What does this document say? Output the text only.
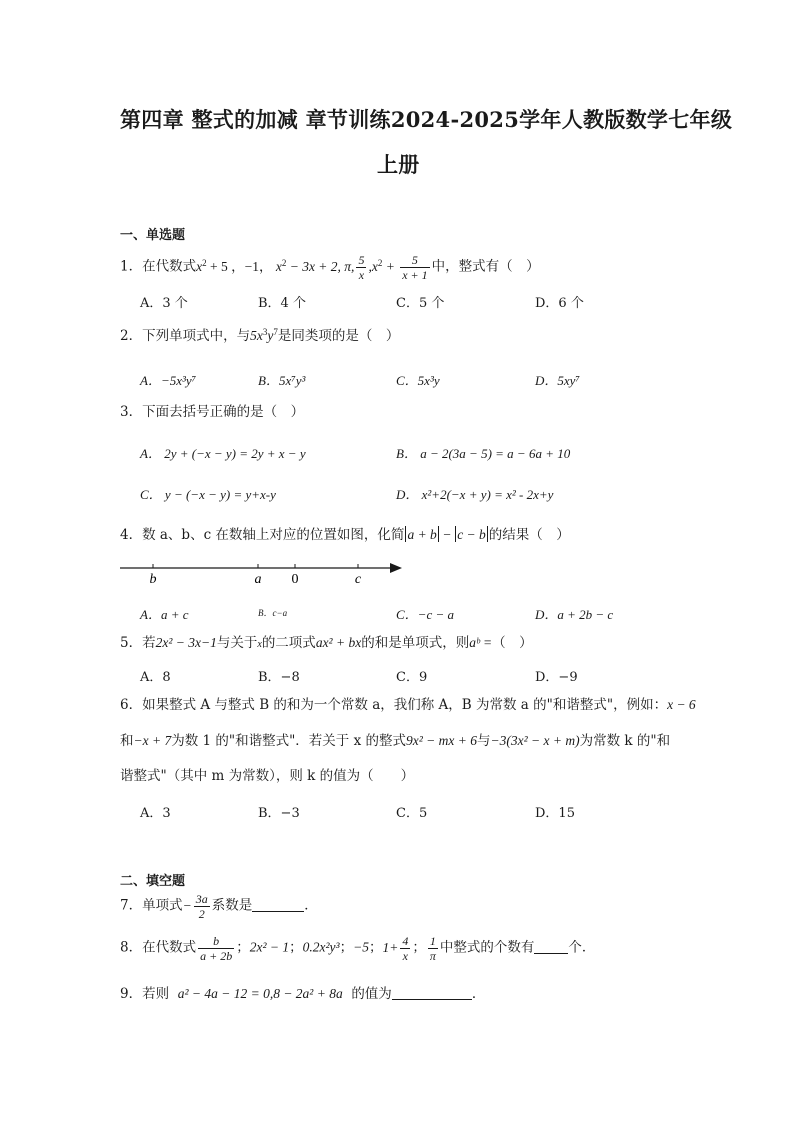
第四章 整式的加减 章节训练2024-2025学年人教版数学七年级
上册
一、单选题
1．在代数式$x^2 + 5$ ，−1， $x^2 - 3x + 2$, π, $\frac{5}{x} ,x^2 + \frac{5}{x + 1}$ 中，整式有（　）
A．3 个	B．4 个	C．5 个	D．6 个
2．下列单项式中，与$5x^3y^7$是同类项的是（　）
A．−5x³y⁷	B．5x⁷y³	C．5x³y	D．5xy⁷
3．下面去括号正确的是（　）
A． 2y + (−x − y) = 2y + x − y	B． a − 2(3a − 5) = a − 6a + 10
C． y − (−x − y) = y+x-y	D． x²+2(−x + y) = x² - 2x+y
4．数 a、b、c 在数轴上对应的位置如图，化简 a + b − c − b 的结果（　）
b	a 0	c
A．a + c	B．c−a	C．−c − a	D．a + 2b − c
5．若2x² − 3x−1与关于x的二项式ax² + bx的和是单项式，则aᵇ =（　）
A．8	B．−8	C．9	D．−9
6．如果整式 A 与整式 B 的和为一个常数 a，我们称 A，B 为常数 a 的"和谐整式"，例如：x − 6
和−x + 7为数 1 的"和谐整式"．若关于 x 的整式9x² − mx + 6与−3(3x² − x + m)为常数 k 的"和
谐整式"（其中 m 为常数），则 k 的值为（　　）
A．3	B．−3	C．5	D．15
二、填空题
7．单项式− $\frac{3a}{2}$ 系数是	．
8．在代数式 $\frac{b}{a + 2b}$ ；2x² − 1；0.2x²y³；−5；$1+ \frac{4}{x}$ ； $\frac{1}{\pi}$ 中整式的个数有	个．
9．若则 a² − 4a − 12 = 0,8 − 2a² + 8a 的值为	．
